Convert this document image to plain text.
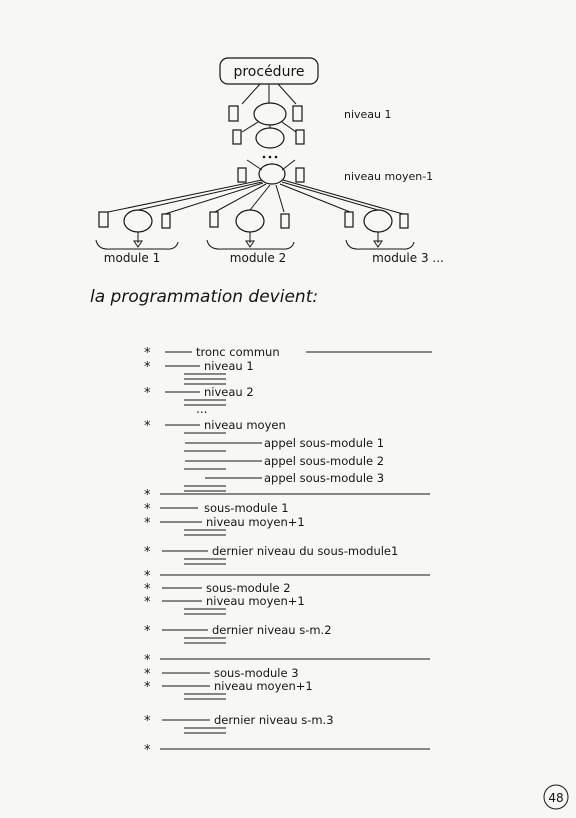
procédure
niveau 1
niveau moyen-1
module 1	module 2	module 3 ...
la programmation devient:
*	tronc commun
*	niveau 1
*	niveau 2
...
*	niveau moyen
appel sous-module 1
appel sous-module 2
appel sous-module 3
*
*	sous-module 1
*	niveau moyen+1
*	dernier niveau du sous-module1
*
*	sous-module 2
*	niveau moyen+1
*	dernier niveau s-m.2
*
*	sous-module 3
*	niveau moyen+1
*	dernier niveau s-m.3
*
48
